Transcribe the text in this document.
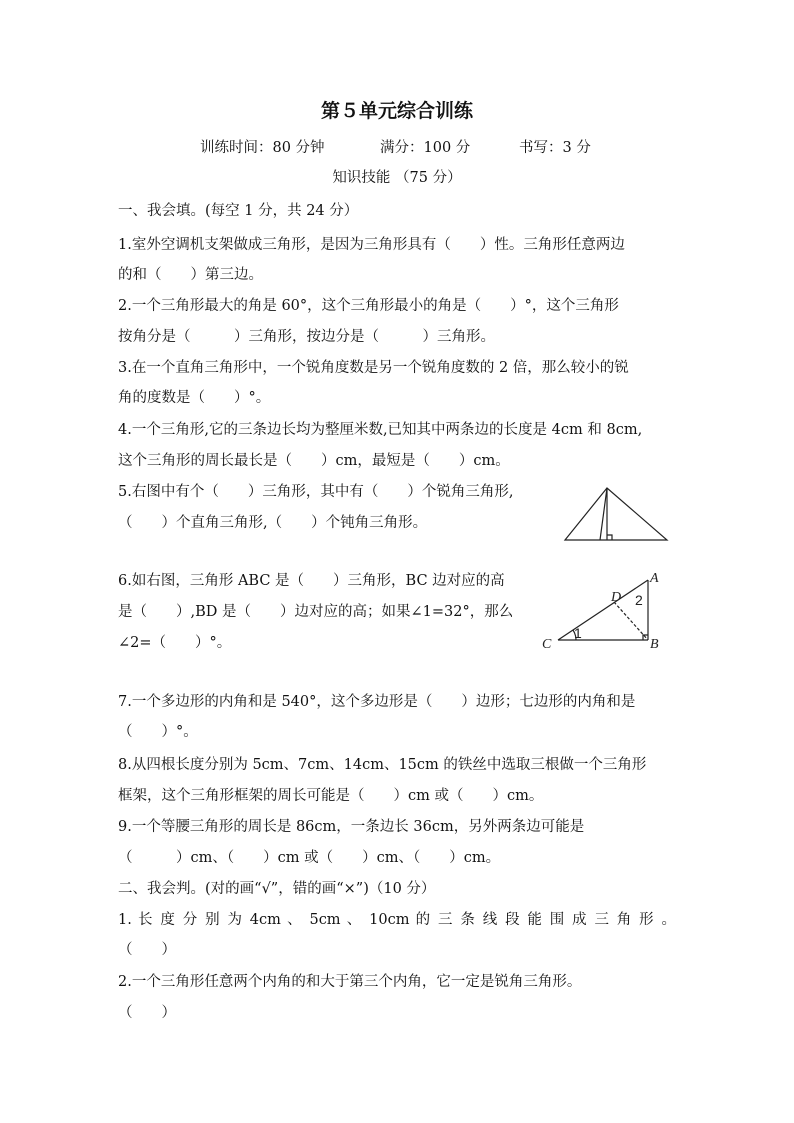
第５单元综合训练
训练时间：80 分钟	满分：100 分	书写：3 分
知识技能 （75 分）
一、我会填。(每空 1 分，共 24 分）
1.室外空调机支架做成三角形，是因为三角形具有（　　）性。三角形任意两边
的和（　　）第三边。
2.一个三角形最大的角是 60°，这个三角形最小的角是（　　）°，这个三角形
按角分是（　　　）三角形，按边分是（　　　）三角形。
3.在一个直角三角形中，一个锐角度数是另一个锐角度数的 2 倍，那么较小的锐
角的度数是（　　）°。
4.一个三角形,它的三条边长均为整厘米数,已知其中两条边的长度是 4cm 和 8cm,
这个三角形的周长最长是（　　）cm，最短是（　　）cm。
5.右图中有个（　　）三角形，其中有（　　）个锐角三角形,
（　　）个直角三角形,（　　）个钝角三角形。
6.如右图，三角形 ABC 是（　　）三角形，BC 边对应的高
是（　　）,BD 是（　　）边对应的高；如果∠1=32°，那么
∠2=（　　）°。
7.一个多边形的内角和是 540°，这个多边形是（　　）边形；七边形的内角和是
（　　）°。
8.从四根长度分别为 5cm、7cm、14cm、15cm 的铁丝中选取三根做一个三角形
框架，这个三角形框架的周长可能是（　　）cm 或（　　）cm。
9.一个等腰三角形的周长是 86cm，一条边长 36cm，另外两条边可能是
（　　　）cm、（　　）cm 或（　　）cm、（　　）cm。
二、我会判。(对的画“√”，错的画“×”)（10 分）
1. 长 度 分 别 为 4cm 、 5cm 、 10cm 的 三 条 线 段 能 围 成 三 角 形 。
（　　）
2.一个三角形任意两个内角的和大于第三个内角，它一定是锐角三角形。
（　　）
A
B
C
D
1
2
